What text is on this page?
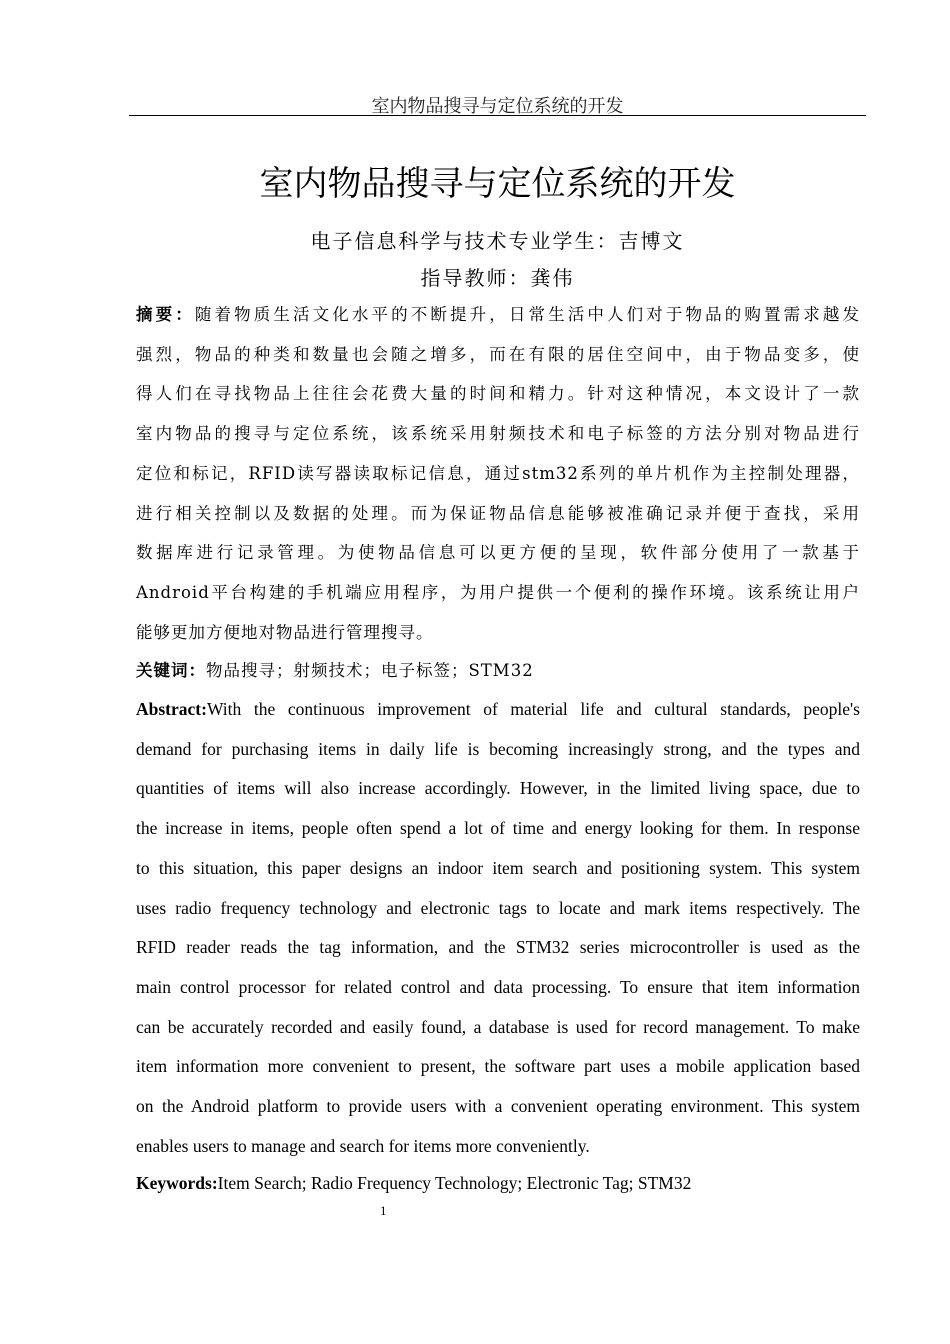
室内物品搜寻与定位系统的开发
室内物品搜寻与定位系统的开发
电子信息科学与技术专业学生：吉博文
指导教师：龚伟
摘要：随着物质生活文化水平的不断提升，日常生活中人们对于物品的购置需求越发
强烈，物品的种类和数量也会随之增多，而在有限的居住空间中，由于物品变多，使
得人们在寻找物品上往往会花费大量的时间和精力。针对这种情况，本文设计了一款
室内物品的搜寻与定位系统，该系统采用射频技术和电子标签的方法分别对物品进行
定位和标记，RFID读写器读取标记信息，通过stm32系列的单片机作为主控制处理器，
进行相关控制以及数据的处理。而为保证物品信息能够被准确记录并便于查找，采用
数据库进行记录管理。为使物品信息可以更方便的呈现，软件部分使用了一款基于
Android平台构建的手机端应用程序，为用户提供一个便利的操作环境。该系统让用户
能够更加方便地对物品进行管理搜寻。
关键词：物品搜寻；射频技术；电子标签；STM32
Abstract:With the continuous improvement of material life and cultural standards, people's
demand for purchasing items in daily life is becoming increasingly strong, and the types and
quantities of items will also increase accordingly. However, in the limited living space, due to
the increase in items, people often spend a lot of time and energy looking for them. In response
to this situation, this paper designs an indoor item search and positioning system. This system
uses radio frequency technology and electronic tags to locate and mark items respectively. The
RFID reader reads the tag information, and the STM32 series microcontroller is used as the
main control processor for related control and data processing. To ensure that item information
can be accurately recorded and easily found, a database is used for record management. To make
item information more convenient to present, the software part uses a mobile application based
on the Android platform to provide users with a convenient operating environment. This system
enables users to manage and search for items more conveniently.
Keywords:Item Search; Radio Frequency Technology; Electronic Tag; STM32
1
